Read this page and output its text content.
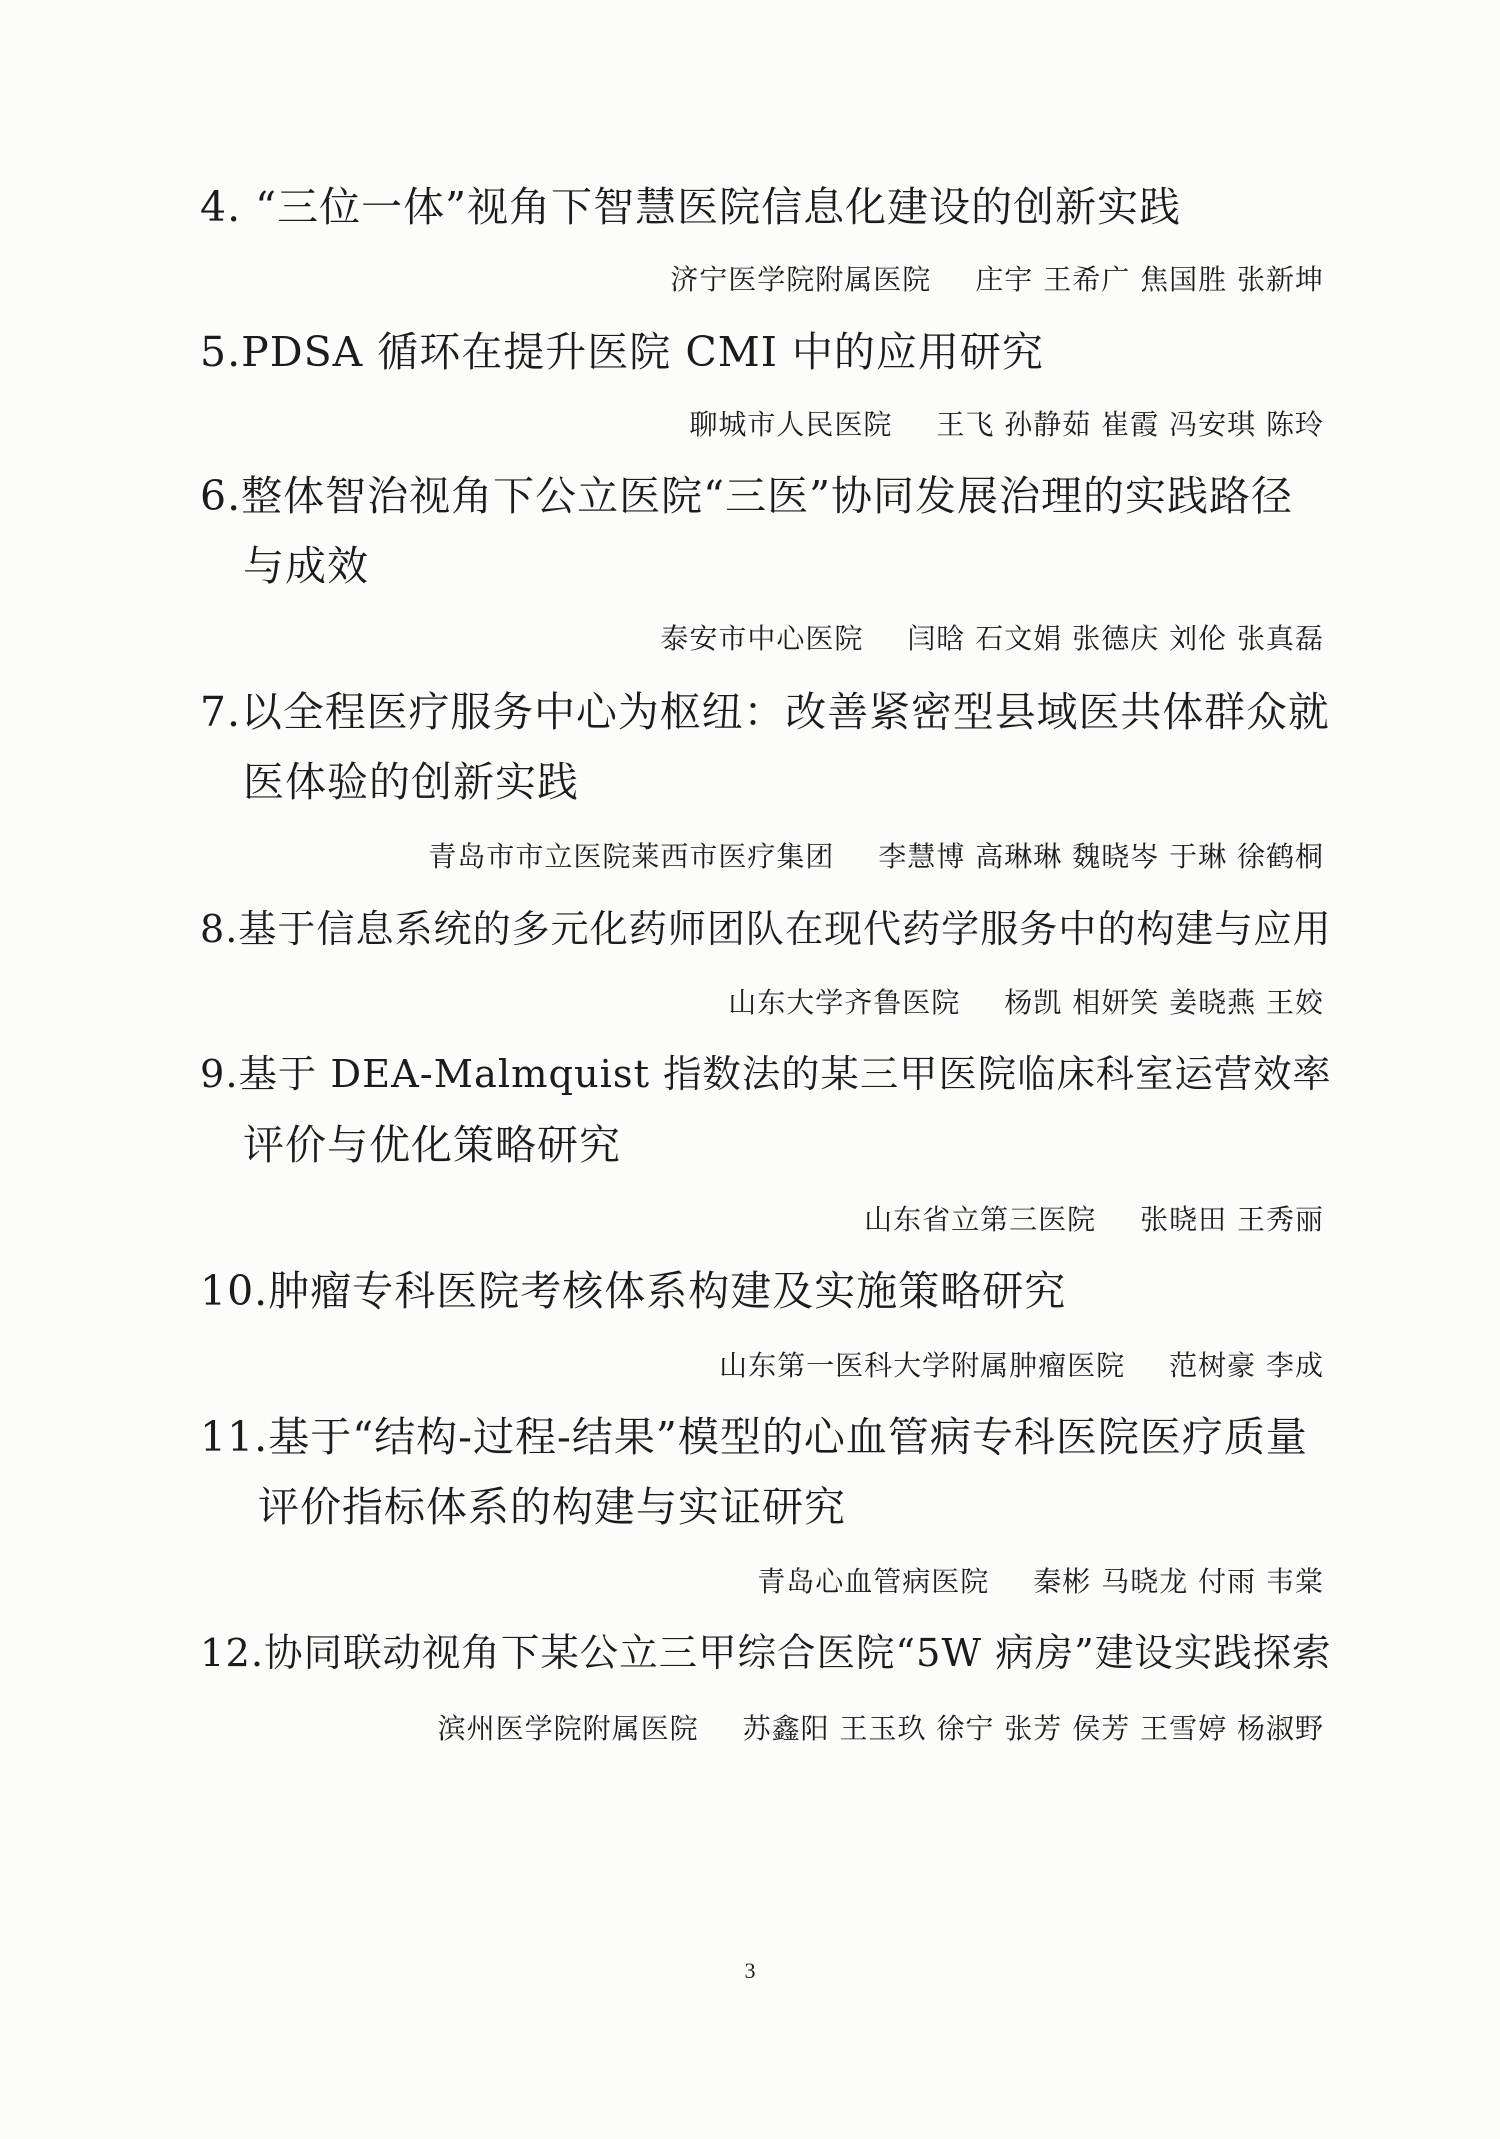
4. “三位一体”视角下智慧医院信息化建设的创新实践
济宁医学院附属医院 庄宇 王希广 焦国胜 张新坤
5.PDSA 循环在提升医院 CMI 中的应用研究
聊城市人民医院 王飞 孙静茹 崔霞 冯安琪 陈玲
6.整体智治视角下公立医院“三医”协同发展治理的实践路径
与成效
泰安市中心医院 闫晗 石文娟 张德庆 刘伦 张真磊
7.以全程医疗服务中心为枢纽：改善紧密型县域医共体群众就
医体验的创新实践
青岛市市立医院莱西市医疗集团 李慧博 高琳琳 魏晓岑 于琳 徐鹤桐
8.基于信息系统的多元化药师团队在现代药学服务中的构建与应用
山东大学齐鲁医院 杨凯 相妍笑 姜晓燕 王姣
9.基于 DEA-Malmquist 指数法的某三甲医院临床科室运营效率
评价与优化策略研究
山东省立第三医院 张晓田 王秀丽
10.肿瘤专科医院考核体系构建及实施策略研究
山东第一医科大学附属肿瘤医院 范树豪 李成
11.基于“结构-过程-结果”模型的心血管病专科医院医疗质量
评价指标体系的构建与实证研究
青岛心血管病医院 秦彬 马晓龙 付雨 韦棠
12.协同联动视角下某公立三甲综合医院“5W 病房”建设实践探索
滨州医学院附属医院 苏鑫阳 王玉玖 徐宁 张芳 侯芳 王雪婷 杨淑野
3
